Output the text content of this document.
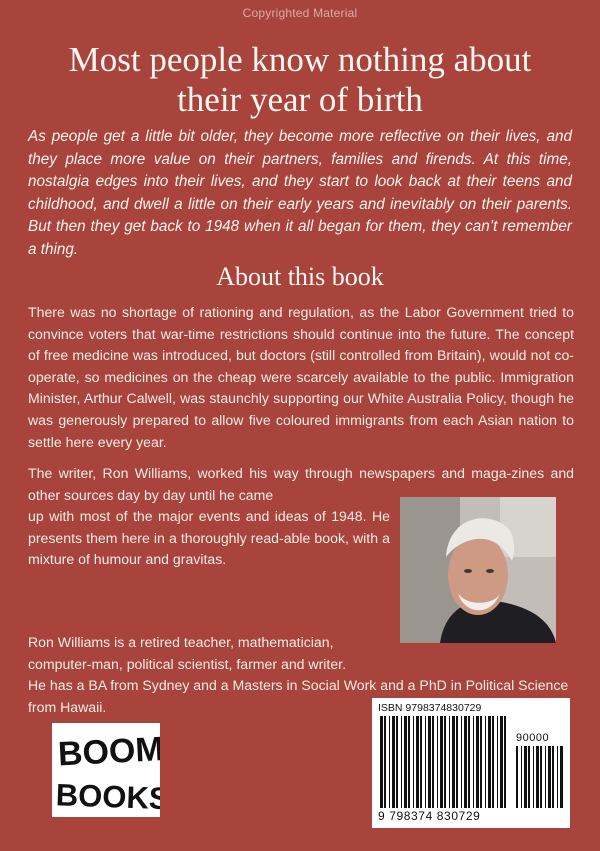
Copyrighted Material
Most people know nothing about
their year of birth
As people get a little bit older, they become more reflective on their lives, and they place more value on their partners, families and firends. At this time, nostalgia edges into their lives, and they start to look back at their teens and childhood, and dwell a little on their early years and inevitably on their parents. But then they get back to 1948 when it all began for them, they can’t remember a thing.
About this book

There was no shortage of rationing and regulation, as the Labor Government tried to convince voters that war-time restrictions should continue into the future. The concept of free medicine was introduced, but doctors (still controlled from Britain), would not co-operate, so medicines on the cheap were scarcely available to the public. Immigration Minister, Arthur Calwell, was staunchly supporting our White Australia Policy, though he was generously prepared to allow five coloured immigrants from each Asian nation to settle here every year.

The writer, Ron Williams, worked his way through newspapers and maga-zines and other sources day by day until he came
up with most of the major events and ideas of 1948. He presents them here in a thoroughly read-able book, with a mixture of humour and gravitas.
Ron Williams is a retired teacher, mathematician, computer-man, political scientist, farmer and writer.
He has a BA from Sydney and a Masters in Social Work and a PhD in Political Science from Hawaii.
BOOM
BOOKS
ISBN 9798374830729
90000
9 798374 830729
